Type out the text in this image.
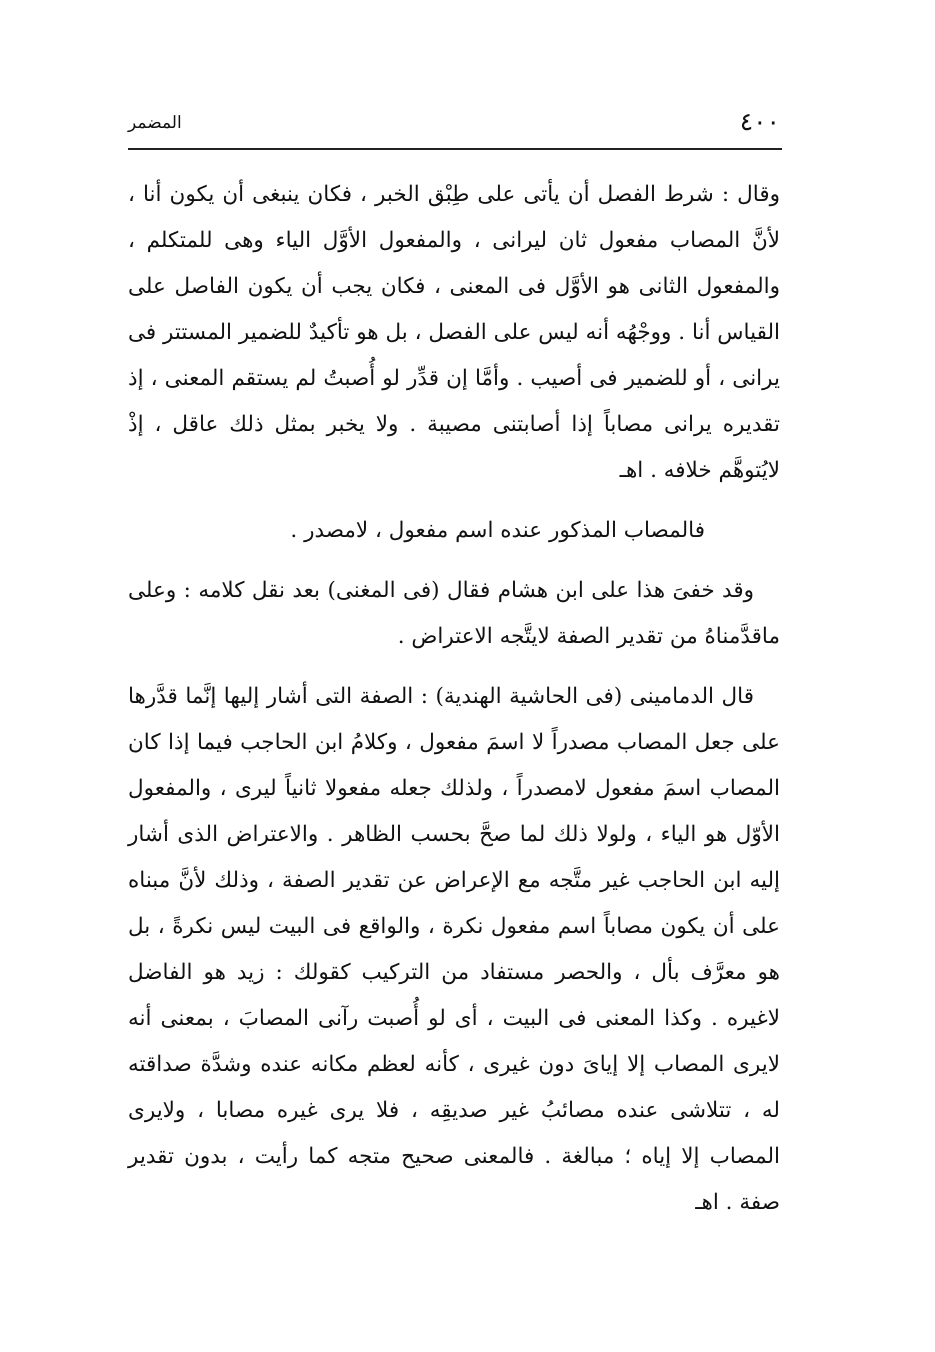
٤٠٠
المضمر

وقال : شرط الفصل أن يأتى على طِبْق الخبر ، فكان ينبغى أن يكون أنا ، لأنَّ المصاب مفعول ثان ليرانى ، والمفعول الأوَّل الياء وهى للمتكلم ، والمفعول الثانى هو الأوَّل فى المعنى ، فكان يجب أن يكون الفاصل على القياس أنا . ووجْهُه أنه ليس على الفصل ، بل هو تأكيدٌ للضمير المستتر فى يرانى ، أو للضمير فى أصيب . وأمَّا إن قدِّر لو أُصبتُ لم يستقم المعنى ، إذ تقديره يرانى مصاباً إذا أصابتنى مصيبة . ولا يخبر بمثل ذلك عاقل ، إذْ لايُتوهَّم خلافه . اهـ

فالمصاب المذكور عنده اسم مفعول ، لامصدر .

وقد خفىَ هذا على ابن هشام فقال (فى المغنى) بعد نقل كلامه : وعلى ماقدَّمناهُ من تقدير الصفة لايتَّجه الاعتراض .

قال الدمامينى (فى الحاشية الهندية) : الصفة التى أشار إليها إنَّما قدَّرها على جعل المصاب مصدراً لا اسمَ مفعول ، وكلامُ ابن الحاجب فيما إذا كان المصاب اسمَ مفعول لامصدراً ، ولذلك جعله مفعولا ثانياً ليرى ، والمفعول الأوّل هو الياء ، ولولا ذلك لما صحَّ بحسب الظاهر . والاعتراض الذى أشار إليه ابن الحاجب غير متَّجه مع الإعراض عن تقدير الصفة ، وذلك لأنَّ مبناه على أن يكون مصاباً اسم مفعول نكرة ، والواقع فى البيت ليس نكرةً ، بل هو معرَّف بأل ، والحصر مستفاد من التركيب كقولك : زيد هو الفاضل لاغيره . وكذا المعنى فى البيت ، أى لو أُصبت رآنى المصابَ ، بمعنى أنه لايرى المصاب إلا إيایَ دون غيرى ، كأنه لعظم مكانه عنده وشدَّة صداقته له ، تتلاشى عنده مصائبُ غير صديقِه ، فلا يرى غيره مصابا ، ولايرى المصاب إلا إياه ؛ مبالغة . فالمعنى صحيح متجه كما رأيت ، بدون تقدير صفة . اهـ
